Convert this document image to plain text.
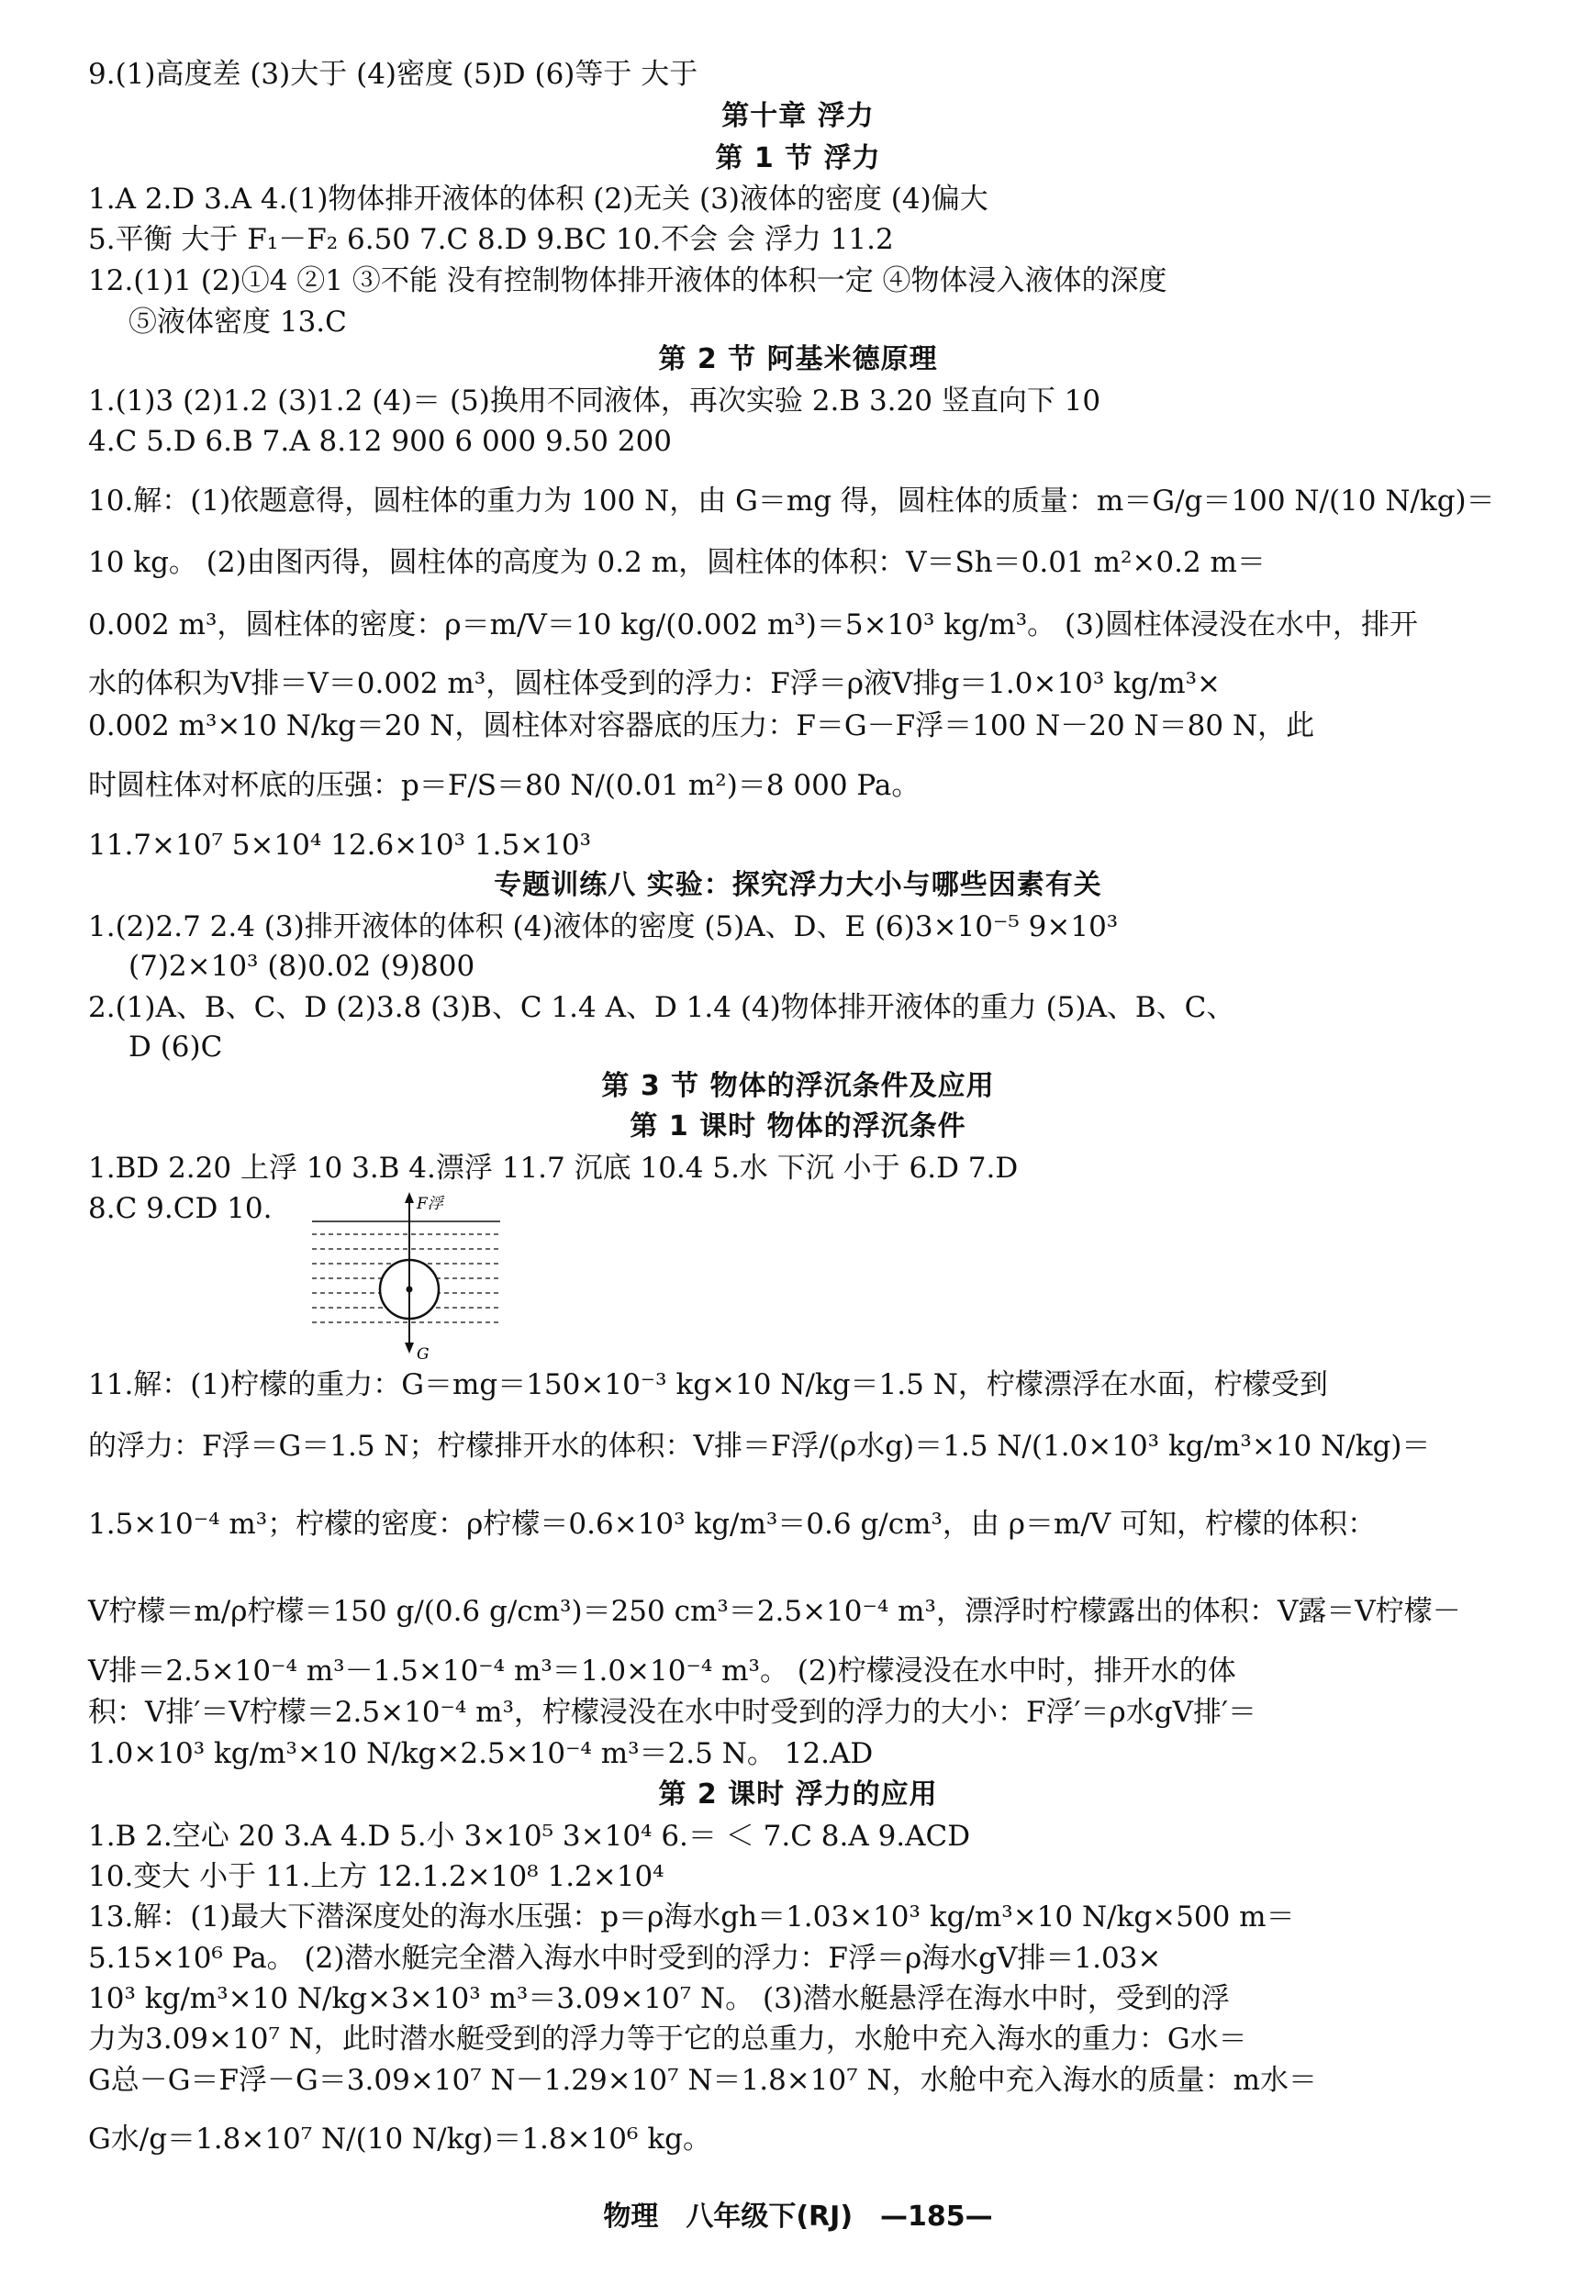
9.(1)高度差 (3)大于 (4)密度 (5)D (6)等于 大于
第十章 浮力
第 1 节 浮力
1.A 2.D 3.A 4.(1)物体排开液体的体积 (2)无关 (3)液体的密度 (4)偏大
5.平衡 大于 F₁－F₂ 6.50 7.C 8.D 9.BC 10.不会 会 浮力 11.2
12.(1)1 (2)①4 ②1 ③不能 没有控制物体排开液体的体积一定 ④物体浸入液体的深度
⑤液体密度 13.C
第 2 节 阿基米德原理
1.(1)3 (2)1.2 (3)1.2 (4)＝ (5)换用不同液体，再次实验 2.B 3.20 竖直向下 10
4.C 5.D 6.B 7.A 8.12 900 6 000 9.50 200
10.解：(1)依题意得，圆柱体的重力为 100 N，由 G＝mg 得，圆柱体的质量：m＝G/g＝100 N/(10 N/kg)＝
10 kg。 (2)由图丙得，圆柱体的高度为 0.2 m，圆柱体的体积：V＝Sh＝0.01 m²×0.2 m＝
0.002 m³，圆柱体的密度：ρ＝m/V＝10 kg/(0.002 m³)＝5×10³ kg/m³。 (3)圆柱体浸没在水中，排开
水的体积为V排＝V＝0.002 m³，圆柱体受到的浮力：F浮＝ρ液V排g＝1.0×10³ kg/m³×
0.002 m³×10 N/kg＝20 N，圆柱体对容器底的压力：F＝G－F浮＝100 N－20 N＝80 N，此
时圆柱体对杯底的压强：p＝F/S＝80 N/(0.01 m²)＝8 000 Pa。
11.7×10⁷ 5×10⁴ 12.6×10³ 1.5×10³
专题训练八 实验：探究浮力大小与哪些因素有关
1.(2)2.7 2.4 (3)排开液体的体积 (4)液体的密度 (5)A、D、E (6)3×10⁻⁵ 9×10³
(7)2×10³ (8)0.02 (9)800
2.(1)A、B、C、D (2)3.8 (3)B、C 1.4 A、D 1.4 (4)物体排开液体的重力 (5)A、B、C、
D (6)C
第 3 节 物体的浮沉条件及应用
第 1 课时 物体的浮沉条件
1.BD 2.20 上浮 10 3.B 4.漂浮 11.7 沉底 10.4 5.水 下沉 小于 6.D 7.D
8.C 9.CD 10.	F浮
G
11.解：(1)柠檬的重力：G＝mg＝150×10⁻³ kg×10 N/kg＝1.5 N，柠檬漂浮在水面，柠檬受到
的浮力：F浮＝G＝1.5 N；柠檬排开水的体积：V排＝F浮/(ρ水g)＝1.5 N/(1.0×10³ kg/m³×10 N/kg)＝
1.5×10⁻⁴ m³；柠檬的密度：ρ柠檬＝0.6×10³ kg/m³＝0.6 g/cm³，由 ρ＝m/V 可知，柠檬的体积：
V柠檬＝m/ρ柠檬＝150 g/(0.6 g/cm³)＝250 cm³＝2.5×10⁻⁴ m³，漂浮时柠檬露出的体积：V露＝V柠檬－
V排＝2.5×10⁻⁴ m³－1.5×10⁻⁴ m³＝1.0×10⁻⁴ m³。 (2)柠檬浸没在水中时，排开水的体
积：V排′＝V柠檬＝2.5×10⁻⁴ m³，柠檬浸没在水中时受到的浮力的大小：F浮′＝ρ水gV排′＝
1.0×10³ kg/m³×10 N/kg×2.5×10⁻⁴ m³＝2.5 N。 12.AD
第 2 课时 浮力的应用
1.B 2.空心 20 3.A 4.D 5.小 3×10⁵ 3×10⁴ 6.＝ ＜ 7.C 8.A 9.ACD
10.变大 小于 11.上方 12.1.2×10⁸ 1.2×10⁴
13.解：(1)最大下潜深度处的海水压强：p＝ρ海水gh＝1.03×10³ kg/m³×10 N/kg×500 m＝
5.15×10⁶ Pa。 (2)潜水艇完全潜入海水中时受到的浮力：F浮＝ρ海水gV排＝1.03×
10³ kg/m³×10 N/kg×3×10³ m³＝3.09×10⁷ N。 (3)潜水艇悬浮在海水中时，受到的浮
力为3.09×10⁷ N，此时潜水艇受到的浮力等于它的总重力，水舱中充入海水的重力：G水＝
G总－G＝F浮－G＝3.09×10⁷ N－1.29×10⁷ N＝1.8×10⁷ N，水舱中充入海水的质量：m水＝
G水/g＝1.8×10⁷ N/(10 N/kg)＝1.8×10⁶ kg。
物理　八年级下(RJ)　—185—
